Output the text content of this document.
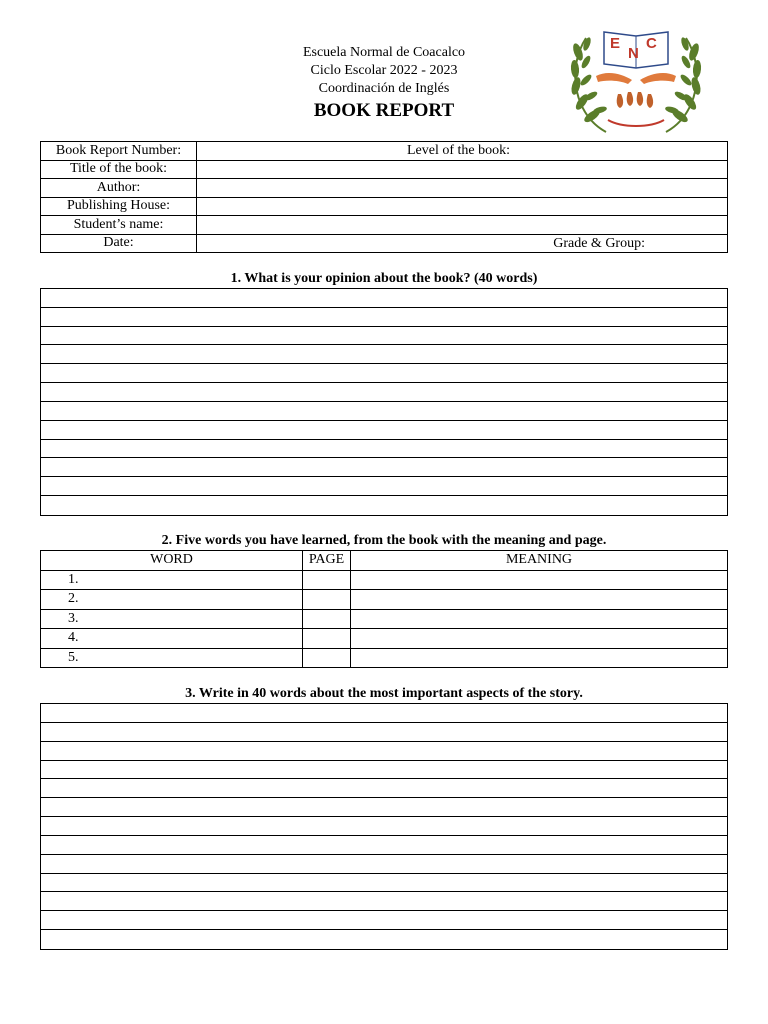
Escuela Normal de Coacalco
Ciclo Escolar 2022 - 2023
Coordinación de Inglés
BOOK REPORT
E
N
C
Book Report Number:	Level of the book:

Title of the book:	
Author:	
Publishing House:	
Student’s name:	
Date:	Grade & Group:
1. What is your opinion about the book? (40 words)
2. Five words you have learned, from the book with the meaning and page.
WORD	PAGE	MEANING
1.		
2.		
3.		
4.		
5.		
3. Write in 40 words about the most important aspects of the story.
